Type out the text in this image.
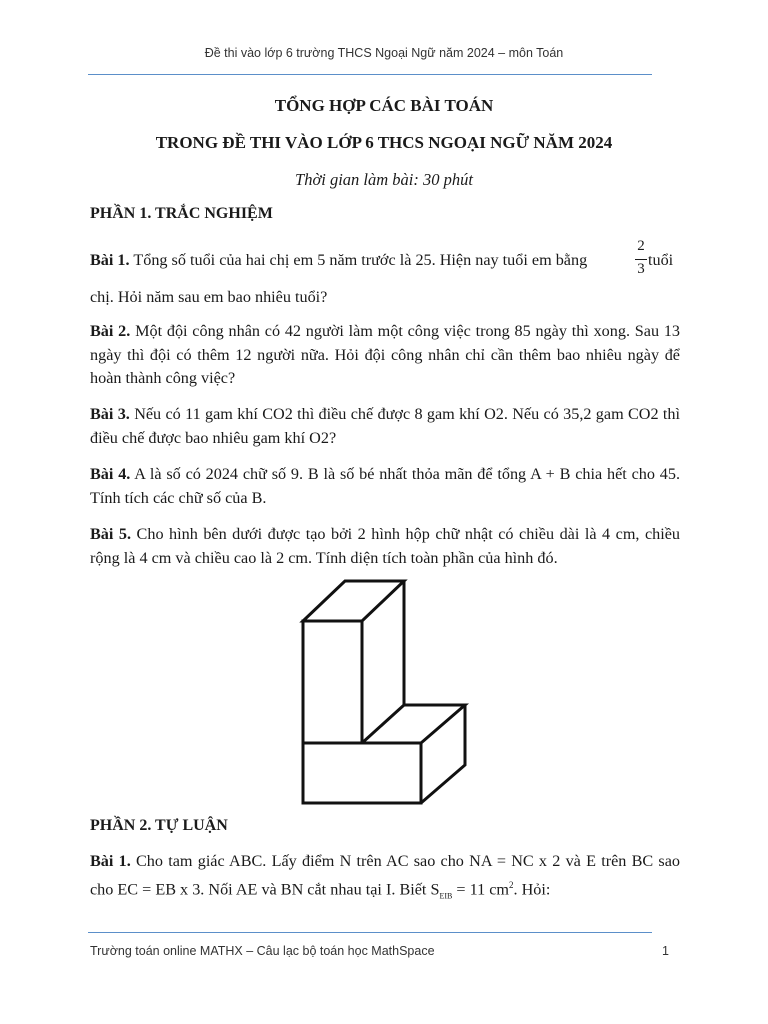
Đề thi vào lớp 6 trường THCS Ngoại Ngữ năm 2024 – môn Toán
TỔNG HỢP CÁC BÀI TOÁN
TRONG ĐỀ THI VÀO LỚP 6 THCS NGOẠI NGỮ NĂM 2024
Thời gian làm bài: 30 phút
PHẦN 1. TRẮC NGHIỆM
Bài 1. Tổng số tuổi của hai chị em 5 năm trước là 25. Hiện nay tuổi em bằng
2
3 tuổi
chị. Hỏi năm sau em bao nhiêu tuổi?
Bài 2. Một đội công nhân có 42 người làm một công việc trong 85 ngày thì xong. Sau 13 ngày thì đội có thêm 12 người nữa. Hỏi đội công nhân chỉ cần thêm bao nhiêu ngày để hoàn thành công việc?
Bài 3. Nếu có 11 gam khí CO2 thì điều chế được 8 gam khí O2. Nếu có 35,2 gam CO2 thì điều chế được bao nhiêu gam khí O2?
Bài 4. A là số có 2024 chữ số 9. B là số bé nhất thỏa mãn để tổng A + B chia hết cho 45. Tính tích các chữ số của B.
Bài 5. Cho hình bên dưới được tạo bởi 2 hình hộp chữ nhật có chiều dài là 4 cm, chiều rộng là 4 cm và chiều cao là 2 cm. Tính diện tích toàn phần của hình đó.
PHẦN 2. TỰ LUẬN
Bài 1. Cho tam giác ABC. Lấy điểm N trên AC sao cho NA = NC x 2 và E trên BC sao cho EC = EB x 3. Nối AE và BN cắt nhau tại I. Biết $S_{EIB} = 11$ $cm^2$. Hỏi:
Trường toán online MATHX – Câu lạc bộ toán học MathSpace	1
